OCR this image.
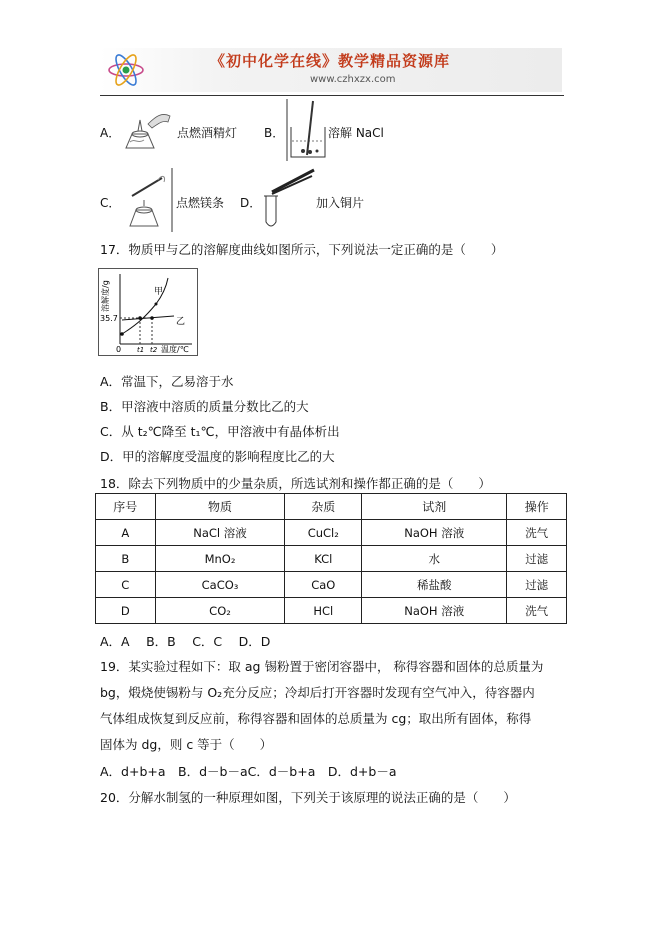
《初中化学在线》教学精品资源库
www.czhxzx.com
A．	点燃酒精灯 B．	溶解 NaCl
C．	点燃镁条 D．	加入铜片
17．物质甲与乙的溶解度曲线如图所示，下列说法一定正确的是（　　）
溶解度/g
35.7
0 t1 t2 温度/℃
甲
乙
A．常温下，乙易溶于水
B．甲溶液中溶质的质量分数比乙的大
C．从 t₂℃降至 t₁℃，甲溶液中有晶体析出
D．甲的溶解度受温度的影响程度比乙的大
18．除去下列物质中的少量杂质，所选试剂和操作都正确的是（　　）
序号	物质	杂质	试剂	操作
A	NaCl 溶液	CuCl₂	NaOH 溶液	洗气
B	MnO₂	KCl	水	过滤
C	CaCO₃	CaO	稀盐酸	过滤
D	CO₂	HCl	NaOH 溶液	洗气
A．A　 B．B　 C．C　 D．D
19．某实验过程如下：取 ag 锡粉置于密闭容器中， 称得容器和固体的总质量为
bg，煅烧使锡粉与 O₂充分反应；冷却后打开容器时发现有空气冲入，待容器内
气体组成恢复到反应前，称得容器和固体的总质量为 cg；取出所有固体，称得
固体为 dg，则 c 等于（　　）
A．d+b+a　B．d－b－aC．d－b+a　D．d+b－a
20．分解水制氢的一种原理如图，下列关于该原理的说法正确的是（　　）
